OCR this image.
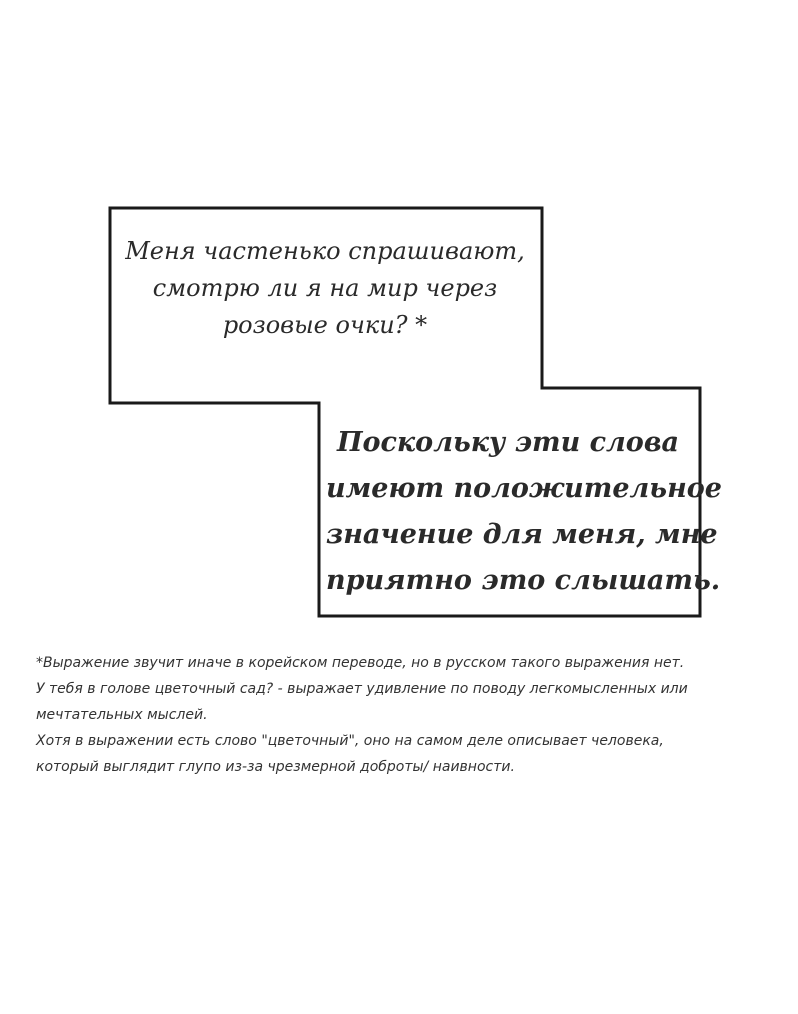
Меня частенько спрашивают,
смотрю ли я на мир через
розовые очки? *
Поскольку эти слова
имеют положительное
значение для меня, мне
приятно это слышать.
*Выражение звучит иначе в корейском переводе, но в русском такого выражения нет.
У тебя в голове цветочный сад? - выражает удивление по поводу легкомысленных или
мечтательных мыслей.
Хотя в выражении есть слово "цветочный", оно на самом деле описывает человека,
который выглядит глупо из-за чрезмерной доброты/ наивности.
